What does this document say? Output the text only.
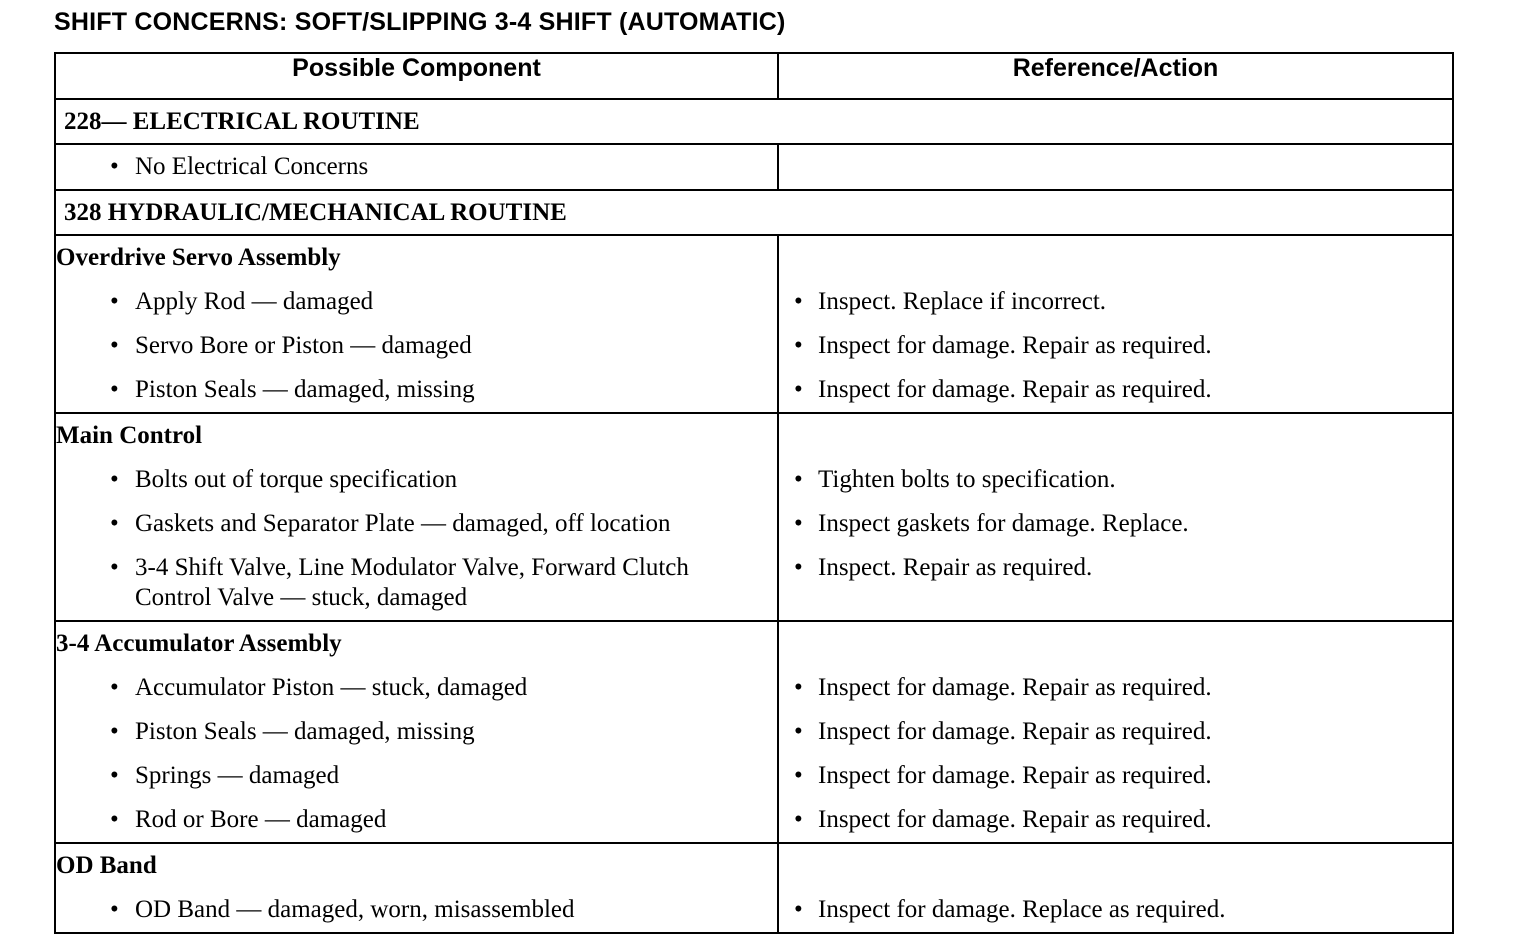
SHIFT CONCERNS: SOFT/SLIPPING 3-4 SHIFT (AUTOMATIC)
Possible Component	Reference/Action
228— ELECTRICAL ROUTINE	

• No Electrical Concerns

328 HYDRAULIC/MECHANICAL ROUTINE	
Overdrive Servo Assembly	

• Apply Rod — damaged	• Inspect. Replace if incorrect.

• Servo Bore or Piston — damaged	• Inspect for damage. Repair as required.

• Piston Seals — damaged, missing	• Inspect for damage. Repair as required.

Main Control	

• Bolts out of torque specification	• Tighten bolts to specification.

• Gaskets and Separator Plate — damaged, off location	• Inspect gaskets for damage. Replace.

• 3-4 Shift Valve, Line Modulator Valve, Forward Clutch Control Valve — stuck, damaged	• Inspect. Repair as required.

3-4 Accumulator Assembly	

• Accumulator Piston — stuck, damaged	• Inspect for damage. Repair as required.

• Piston Seals — damaged, missing	• Inspect for damage. Repair as required.

• Springs — damaged	• Inspect for damage. Repair as required.

• Rod or Bore — damaged	• Inspect for damage. Repair as required.

OD Band	

• OD Band — damaged, worn, misassembled	• Inspect for damage. Replace as required.
